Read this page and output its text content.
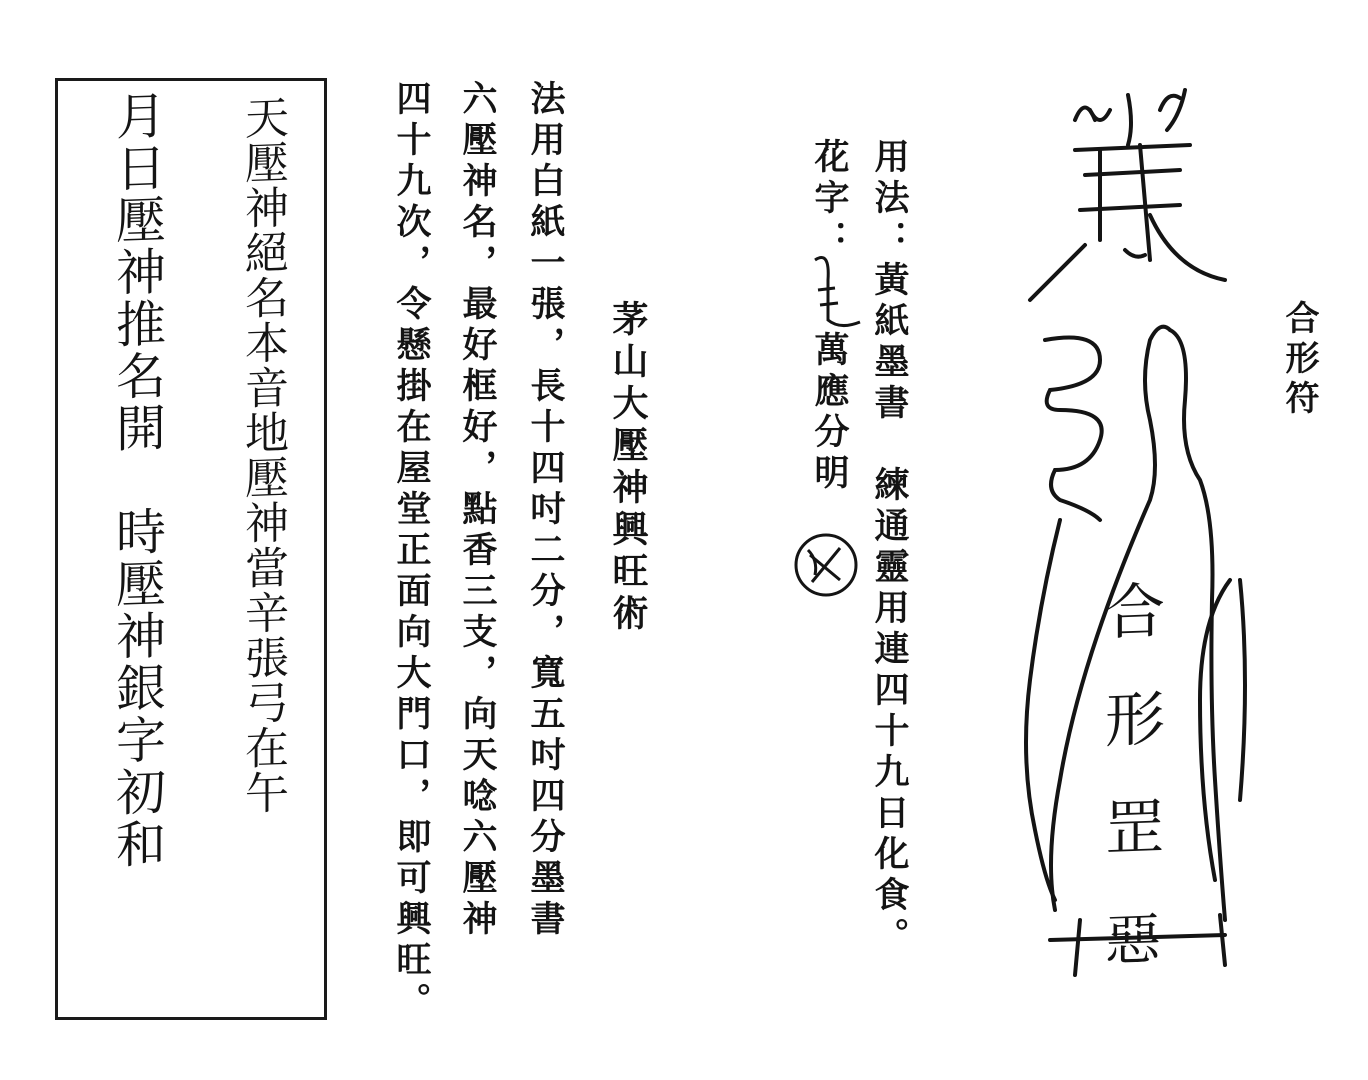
合形符
合形罡
惡
用法：黃紙墨書　練通靈用連四十九日化食。
花字：萬應分明
茅山大壓神興旺術
法用白紙一張，長十四吋二分，寬五吋四分墨書
六壓神名，最好框好，點香三支，向天唸六壓神
四十九次，令懸掛在屋堂正面向大門口，即可興旺。
天壓神絕名本音地壓神當辛張弓在午
月日壓神推名開　時壓神銀字初和
